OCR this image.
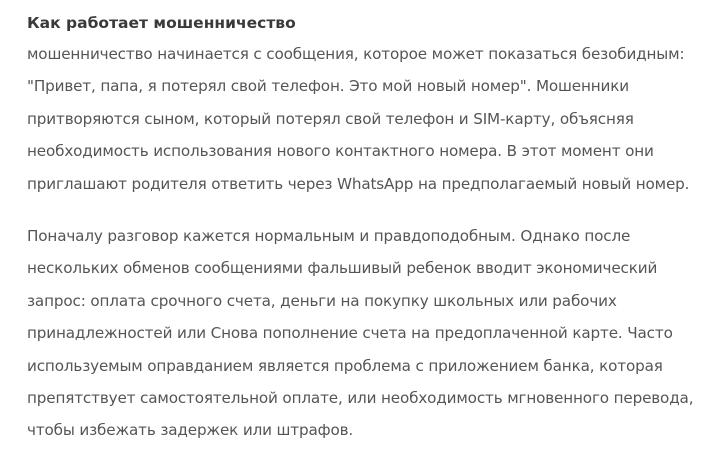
Как работает мошенничество

мошенничество начинается с сообщения, которое может показаться безобидным:
"Привет, папа, я потерял свой телефон. Это мой новый номер". Мошенники
притворяются сыном, который потерял свой телефон и SIM-карту, объясняя
необходимость использования нового контактного номера. В этот момент они
приглашают родителя ответить через WhatsApp на предполагаемый новый номер.

Поначалу разговор кажется нормальным и правдоподобным. Однако после
нескольких обменов сообщениями фальшивый ребенок вводит экономический
запрос: оплата срочного счета, деньги на покупку школьных или рабочих
принадлежностей или Снова пополнение счета на предоплаченной карте. Часто
используемым оправданием является проблема с приложением банка, которая
препятствует самостоятельной оплате, или необходимость мгновенного перевода,
чтобы избежать задержек или штрафов.
